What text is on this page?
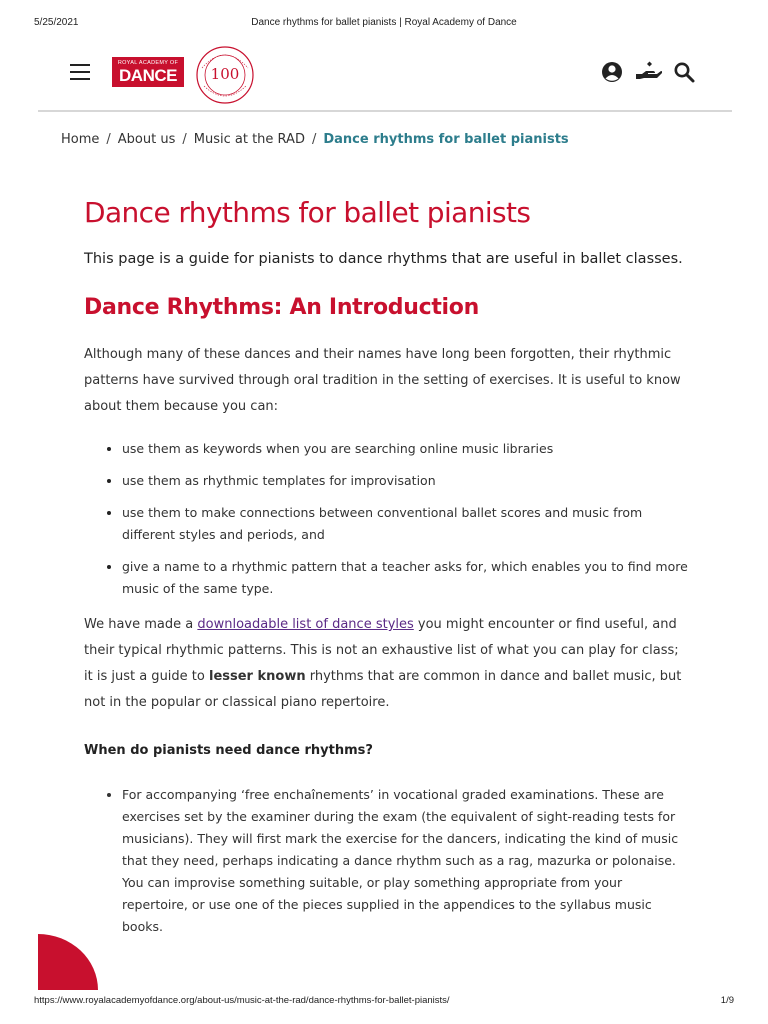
5/25/2021	Dance rhythms for ballet pianists | Royal Academy of Dance
ROYAL ACADEMY OF
DANCE	100
Home / About us / Music at the RAD / Dance rhythms for ballet pianists
Dance rhythms for ballet pianists

This page is a guide for pianists to dance rhythms that are useful in ballet classes.

Dance Rhythms: An Introduction

Although many of these dances and their names have long been forgotten, their rhythmic patterns have survived through oral tradition in the setting of exercises. It is useful to know about them because you can:

• use them as keywords when you are searching online music libraries
• use them as rhythmic templates for improvisation
• use them to make connections between conventional ballet scores and music from different styles and periods, and
• give a name to a rhythmic pattern that a teacher asks for, which enables you to find more music of the same type.

We have made a downloadable list of dance styles you might encounter or find useful, and their typical rhythmic patterns. This is not an exhaustive list of what you can play for class; it is just a guide to lesser known rhythms that are common in dance and ballet music, but not in the popular or classical piano repertoire.

When do pianists need dance rhythms?
• For accompanying ‘free enchaînements’ in vocational graded examinations. These are exercises set by the examiner during the exam (the equivalent of sight-reading tests for musicians). They will first mark the exercise for the dancers, indicating the kind of music that they need, perhaps indicating a dance rhythm such as a rag, mazurka or polonaise. You can improvise something suitable, or play something appropriate from your repertoire, or use one of the pieces supplied in the appendices to the syllabus music books.
https://www.royalacademyofdance.org/about-us/music-at-the-rad/dance-rhythms-for-ballet-pianists/	1/9
